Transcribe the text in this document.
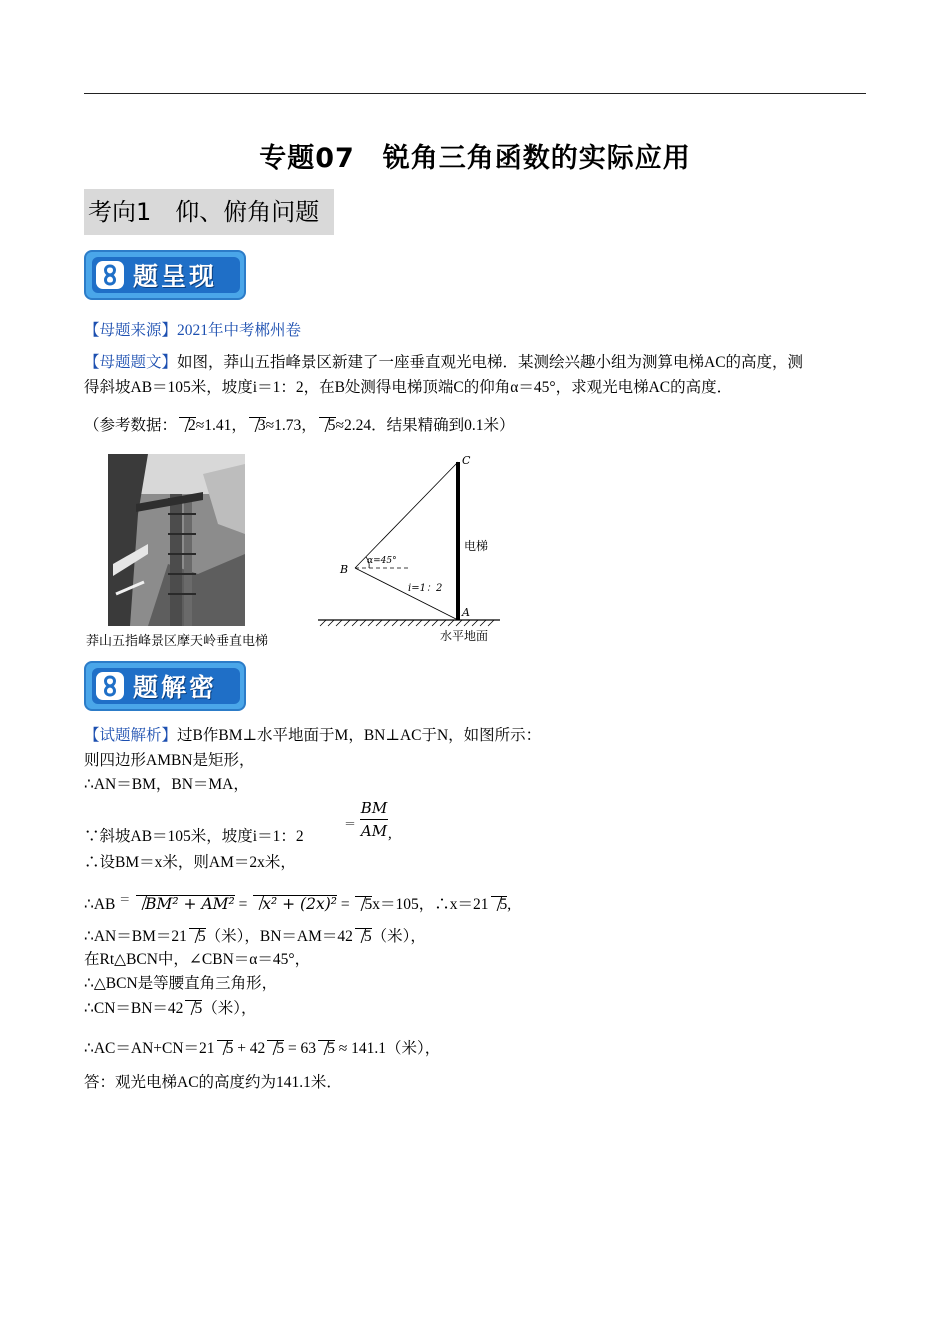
专题07　锐角三角函数的实际应用
考向1　仰、俯角问题
题呈现
【母题来源】2021年中考郴州卷
【母题题文】如图，莽山五指峰景区新建了一座垂直观光电梯．某测绘兴趣小组为测算电梯AC的高度，测
得斜坡AB＝105米，坡度i＝1：2，在B处测得电梯顶端C的仰角α＝45°，求观光电梯AC的高度．
（参考数据： 2≈1.41， 3≈1.73， 5≈2.24．结果精确到0.1米）
莽山五指峰景区摩天岭垂直电梯
C
B
A
α=45°
i=1：2
电梯
水平地面
题解密
【试题解析】过B作BM⊥水平地面于M，BN⊥AC于N，如图所示：
则四边形AMBN是矩形，
∴AN＝BM，BN＝MA，
∵斜坡AB＝105米，坡度i＝1：2
＝ $\frac{BM}{AM}$ ,
∴设BM＝x米，则AM＝2x米，
∴AB ＝ BM² + AM² = x² + (2x)² = 5x＝105，∴x＝21 5,
∴AN＝BM＝21 5（米），BN＝AM＝42 5（米），
在Rt△BCN中，∠CBN＝α＝45°，
∴△BCN是等腰直角三角形，
∴CN＝BN＝42 5（米），
∴AC＝AN+CN＝21 5 + 42 5 = 63 5 ≈ 141.1（米），
答：观光电梯AC的高度约为141.1米．
